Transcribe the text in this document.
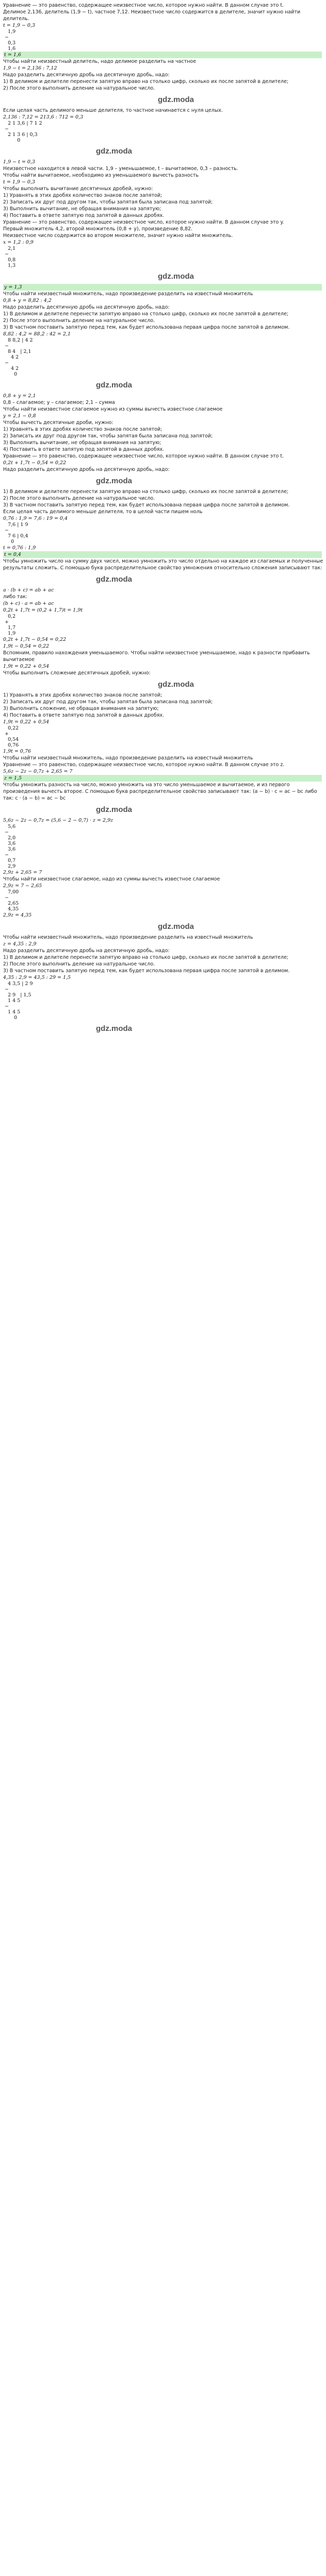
Уравнение — это равенство, содержащее неизвестное число, которое нужно найти. В данном случае это t.
Делимое 2,136, делитель (1,9 − t), частное 7,12. Неизвестное число содержится в делителе, значит нужно найти делитель.
t = 1,9 − 0,3
1,9
−
0,3
1,6
t = 1,6
Чтобы найти неизвестный делитель, надо делимое разделить на частное
1,9 − t = 2,136 : 7,12
Надо разделить десятичную дробь на десятичную дробь, надо:
1) В делимом и делителе перенести запятую вправо на столько цифр, сколько их после запятой в делителе;
2) После этого выполнить деление на натуральное число.
gdz.moda
Если целая часть делимого меньше делителя, то частное начинается с нуля целых.
2,136 : 7,12 = 213,6 : 712 = 0,3
2 1 3,6 | 7 1 2
−
2 1 3 6 | 0,3
0
gdz.moda
1,9 − t = 0,3
Неизвестное находится в левой части. 1,9 – уменьшаемое, t – вычитаемое, 0,3 – разность.
Чтобы найти вычитаемое, необходимо из уменьшаемого вычесть разность
t = 1,9 − 0,3
Чтобы выполнить вычитание десятичных дробей, нужно:
1) Уравнять в этих дробях количество знаков после запятой;
2) Записать их друг под другом так, чтобы запятая была записана под запятой;
3) Выполнить вычитание, не обращая внимания на запятую;
4) Поставить в ответе запятую под запятой в данных дробях.
Уравнение — это равенство, содержащее неизвестное число, которое нужно найти. В данном случае это y.
Первый множитель 4,2, второй множитель (0,8 + y), произведение 8,82.
Неизвестное число содержится во втором множителе, значит нужно найти множитель.
x = 1,2 : 0,9
2,1
−
0,8
1,3
gdz.moda
y = 1,3
Чтобы найти неизвестный множитель, надо произведение разделить на известный множитель
0,8 + y = 8,82 : 4,2
Надо разделить десятичную дробь на десятичную дробь, надо:
1) В делимом и делителе перенести запятую вправо на столько цифр, сколько их после запятой в делителе;
2) После этого выполнить деление на натуральное число.
3) В частном поставить запятую перед тем, как будет использована первая цифра после запятой в делимом.
8,82 : 4,2 = 88,2 : 42 = 2,1
8 8,2 | 4 2
−
8 4   | 2,1
4 2
−
4 2
0
gdz.moda
0,8 + y = 2,1
0,8 – слагаемое; y – слагаемое; 2,1 – сумма
Чтобы найти неизвестное слагаемое нужно из суммы вычесть известное слагаемое
y = 2,1 − 0,8
Чтобы вычесть десятичные дроби, нужно:
1) Уравнять в этих дробях количество знаков после запятой;
2) Записать их друг под другом так, чтобы запятая была записана под запятой;
3) Выполнить вычитание, не обращая внимания на запятую;
4) Поставить в ответе запятую под запятой в данных дробях.
Уравнение — это равенство, содержащее неизвестное число, которое нужно найти. В данном случае это t.
0,2t + 1,7t − 0,54 = 0,22
Надо разделить десятичную дробь на десятичную дробь, надо:
gdz.moda
1) В делимом и делителе перенести запятую вправо на столько цифр, сколько их после запятой в делителе;
2) После этого выполнить деление на натуральное число.
3) В частном поставить запятую перед тем, как будет использована первая цифра после запятой в делимом.
Если целая часть делимого меньше делителя, то в целой части пишем ноль
0,76 : 1,9 = 7,6 : 19 = 0,4
7,6 | 1 9
−
7 6 | 0,4
0
t = 0,76 : 1,9
t = 0,4
Чтобы умножить число на сумму двух чисел, можно умножить это число отдельно на каждое из слагаемых и полученные результаты сложить. С помощью букв распределительное свойство умножения относительно сложения записывают так:
gdz.moda
a · (b + c) = ab + ac
либо так:
(b + c) · a = ab + ac
0,2t + 1,7t = (0,2 + 1,7)t = 1,9t
0,2
+
1,7
1,9
0,2t + 1,7t − 0,54 = 0,22
1,9t − 0,54 = 0,22
Вспомним, правило нахождения уменьшаемого. Чтобы найти неизвестное уменьшаемое, надо к разности прибавить вычитаемое
1,9t = 0,22 + 0,54
Чтобы выполнить сложение десятичных дробей, нужно:
gdz.moda
1) Уравнять в этих дробях количество знаков после запятой;
2) Записать их друг под другом так, чтобы запятая была записана под запятой;
3) Выполнить сложение, не обращая внимания на запятую;
4) Поставить в ответе запятую под запятой в данных дробях.
1,9t = 0,22 + 0,54
0,22
+
0,54
0,76
1,9t = 0,76
Чтобы найти неизвестный множитель, надо произведение разделить на известный множитель
Уравнение — это равенство, содержащее неизвестное число, которое нужно найти. В данном случае это z.
5,6z − 2z − 0,7z + 2,65 = 7
z = 1,5
Чтобы умножить разность на число, можно умножить на это число уменьшаемое и вычитаемое, и из первого произведения вычесть второе. С помощью букв распределительное свойство записывают так: (a − b) · c = ac − bc либо так: c · (a − b) = ac − bc
gdz.moda
5,6z − 2z − 0,7z = (5,6 − 2 − 0,7) · z = 2,9z
5,6
−
2,0
3,6
3,6
−
0,7
2,9
2,9z + 2,65 = 7
Чтобы найти неизвестное слагаемое, надо из суммы вычесть известное слагаемое
2,9z = 7 − 2,65
7,00
−
2,65
4,35
2,9z = 4,35
gdz.moda
Чтобы найти неизвестный множитель, надо произведение разделить на известный множитель
z = 4,35 : 2,9
Надо разделить десятичную дробь на десятичную дробь, надо:
1) В делимом и делителе перенести запятую вправо на столько цифр, сколько их после запятой в делителе;
2) После этого выполнить деление на натуральное число.
3) В частном поставить запятую перед тем, как будет использована первая цифра после запятой в делимом.
4,35 : 2,9 = 43,5 : 29 = 1,5
4 3,5 | 2 9
−
2 9   | 1,5
1 4 5
−
1 4 5
0
gdz.moda
